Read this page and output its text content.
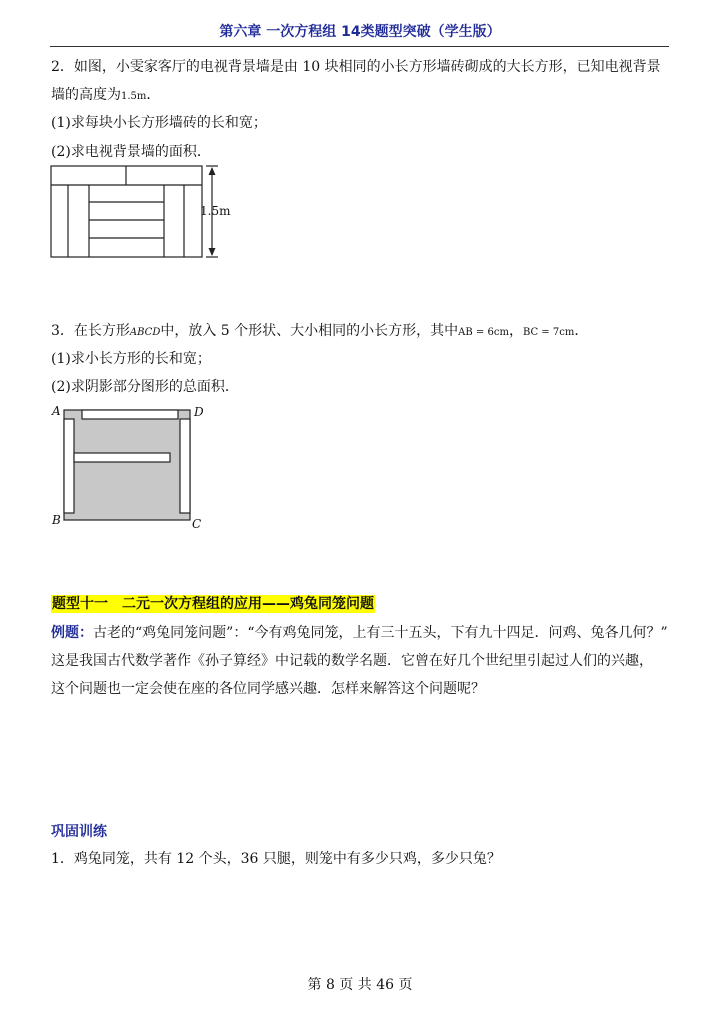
第六章 一次方程组 14类题型突破（学生版）
2．如图，小雯家客厅的电视背景墙是由 10 块相同的小长方形墙砖砌成的大长方形，已知电视背景
墙的高度为1.5m．
(1)求每块小长方形墙砖的长和宽；
(2)求电视背景墙的面积．
1.5m
3．在长方形ABCD中，放入 5 个形状、大小相同的小长方形，其中AB = 6cm，BC = 7cm．
(1)求小长方形的长和宽；
(2)求阴影部分图形的总面积．
A	D
B	C
题型十一　二元一次方程组的应用——鸡兔同笼问题
例题：古老的“鸡兔同笼问题”：“今有鸡兔同笼，上有三十五头，下有九十四足．问鸡、兔各几何？”
这是我国古代数学著作《孙子算经》中记载的数学名题．它曾在好几个世纪里引起过人们的兴趣，
这个问题也一定会使在座的各位同学感兴趣．怎样来解答这个问题呢？
巩固训练
1．鸡兔同笼，共有 12 个头，36 只腿，则笼中有多少只鸡，多少只兔？
第 8 页 共 46 页
